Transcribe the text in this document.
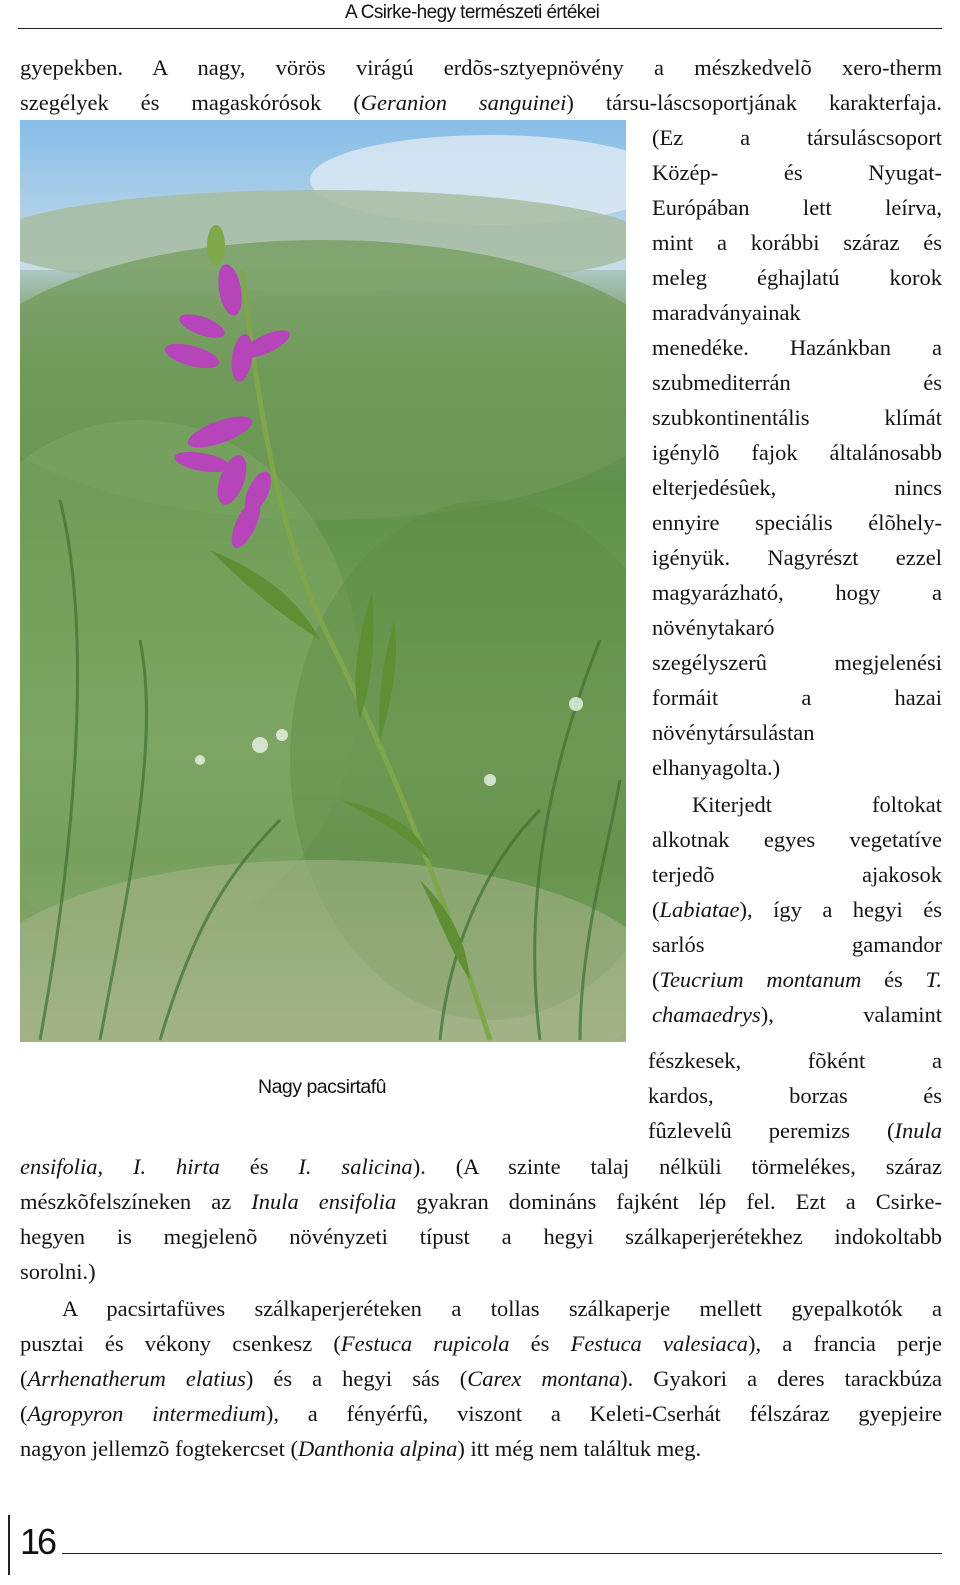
A Csirke-hegy természeti értékei
gyepekben. A nagy, vörös virágú erdõs-sztyepnövény a mészkedvelõ xero-therm
szegélyek és magaskórósok (Geranion sanguinei) társu-láscsoportjának karakterfaja.
(Ez a társuláscsoport
Közép- és Nyugat-
Európában lett leírva,
mint a korábbi száraz és
meleg éghajlatú korok
maradványainak
menedéke. Hazánkban a
szubmediterrán és
szubkontinentális klímát
igénylõ fajok általánosabb
elterjedésûek, nincs
ennyire speciális élõhely-
igényük. Nagyrészt ezzel
magyarázható, hogy a
növénytakaró
szegélyszerû megjelenési
formáit a hazai
növénytársulástan
elhanyagolta.)
Kiterjedt foltokat
alkotnak egyes vegetatíve
terjedõ ajakosok
(Labiatae), így a hegyi és
sarlós gamandor
(Teucrium montanum és T.
chamaedrys), valamint
fészkesek, fõként a
kardos, borzas és
fûzlevelû peremizs (Inula
Nagy pacsirtafû
ensifolia, I. hirta és I. salicina). (A szinte talaj nélküli törmelékes, száraz
mészkõfelszíneken az Inula ensifolia gyakran domináns fajként lép fel. Ezt a Csirke-
hegyen is megjelenõ növényzeti típust a hegyi szálkaperjerétekhez indokoltabb
sorolni.)
A pacsirtafüves szálkaperjeréteken a tollas szálkaperje mellett gyepalkotók a
pusztai és vékony csenkesz (Festuca rupicola és Festuca valesiaca), a francia perje
(Arrhenatherum elatius) és a hegyi sás (Carex montana). Gyakori a deres tarackbúza
(Agropyron intermedium), a fényérfû, viszont a Keleti-Cserhát félszáraz gyepjeire
nagyon jellemzõ fogtekercset (Danthonia alpina) itt még nem találtuk meg.
16
